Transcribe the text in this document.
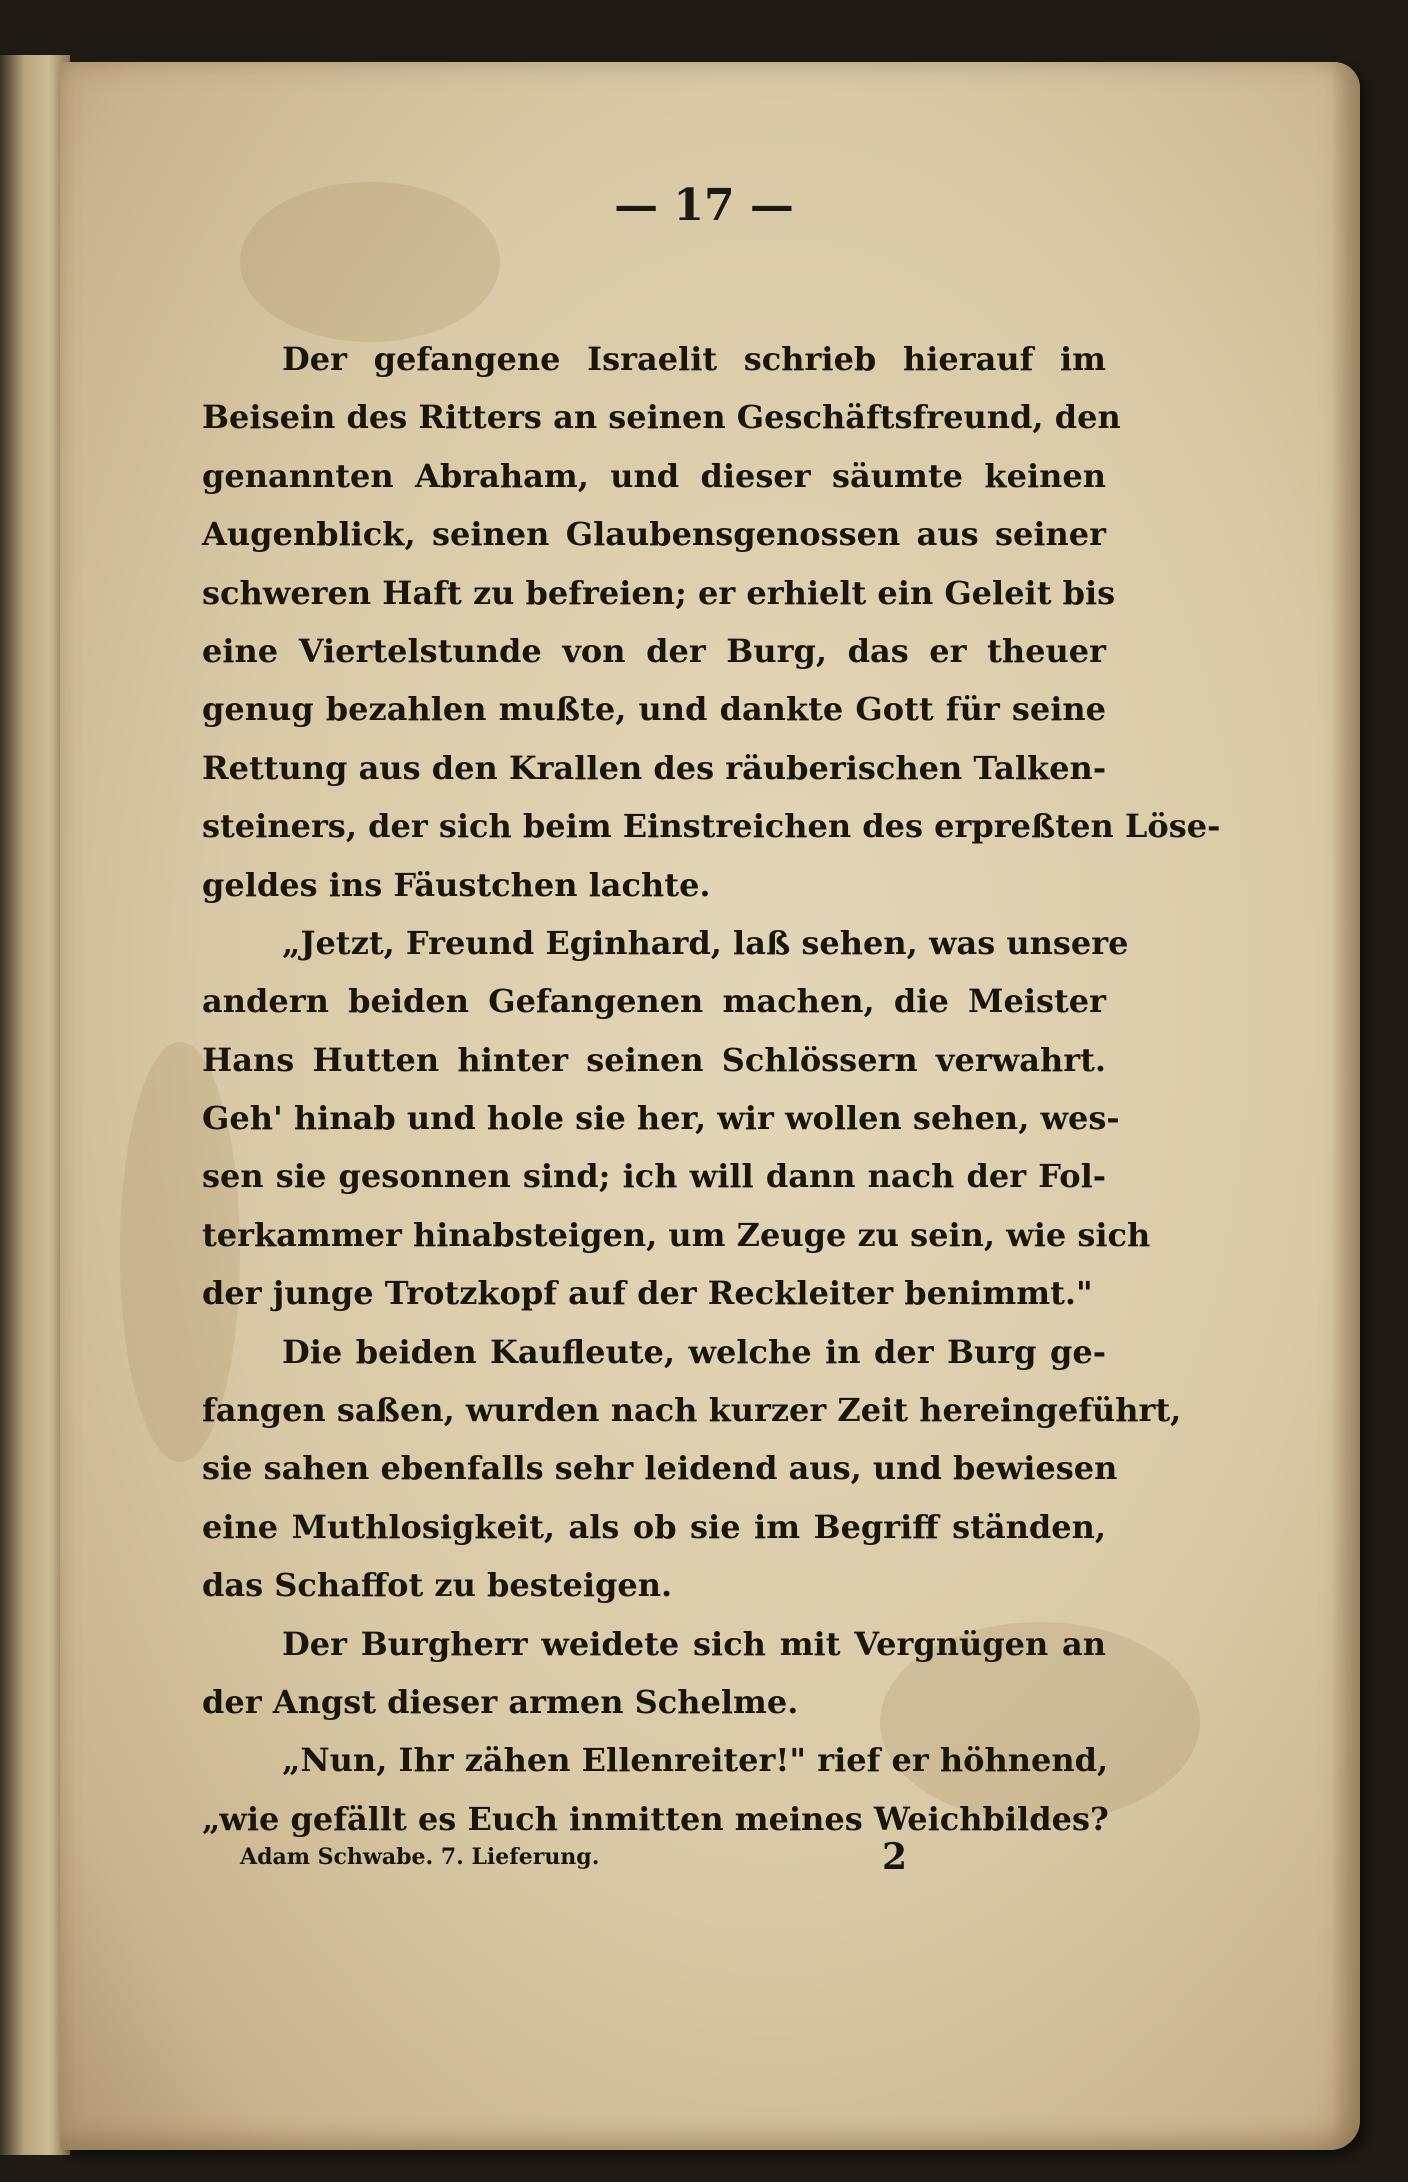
— 17 —
Der gefangene Israelit schrieb hierauf im
Beisein des Ritters an seinen Geschäftsfreund, den
genannten Abraham, und dieser säumte keinen
Augenblick, seinen Glaubensgenossen aus seiner
schweren Haft zu befreien; er erhielt ein Geleit bis
eine Viertelstunde von der Burg, das er theuer
genug bezahlen mußte, und dankte Gott für seine
Rettung aus den Krallen des räuberischen Talken-
steiners, der sich beim Einstreichen des erpreßten Löse-
geldes ins Fäustchen lachte.
„Jetzt, Freund Eginhard, laß sehen, was unsere
andern beiden Gefangenen machen, die Meister
Hans Hutten hinter seinen Schlössern verwahrt.
Geh' hinab und hole sie her, wir wollen sehen, wes-
sen sie gesonnen sind; ich will dann nach der Fol-
terkammer hinabsteigen, um Zeuge zu sein, wie sich
der junge Trotzkopf auf der Reckleiter benimmt."
Die beiden Kaufleute, welche in der Burg ge-
fangen saßen, wurden nach kurzer Zeit hereingeführt,
sie sahen ebenfalls sehr leidend aus, und bewiesen
eine Muthlosigkeit, als ob sie im Begriff ständen,
das Schaffot zu besteigen.
Der Burgherr weidete sich mit Vergnügen an
der Angst dieser armen Schelme.
„Nun, Ihr zähen Ellenreiter!" rief er höhnend,
„wie gefällt es Euch inmitten meines Weichbildes?
Adam Schwabe. 7. Lieferung.	2
